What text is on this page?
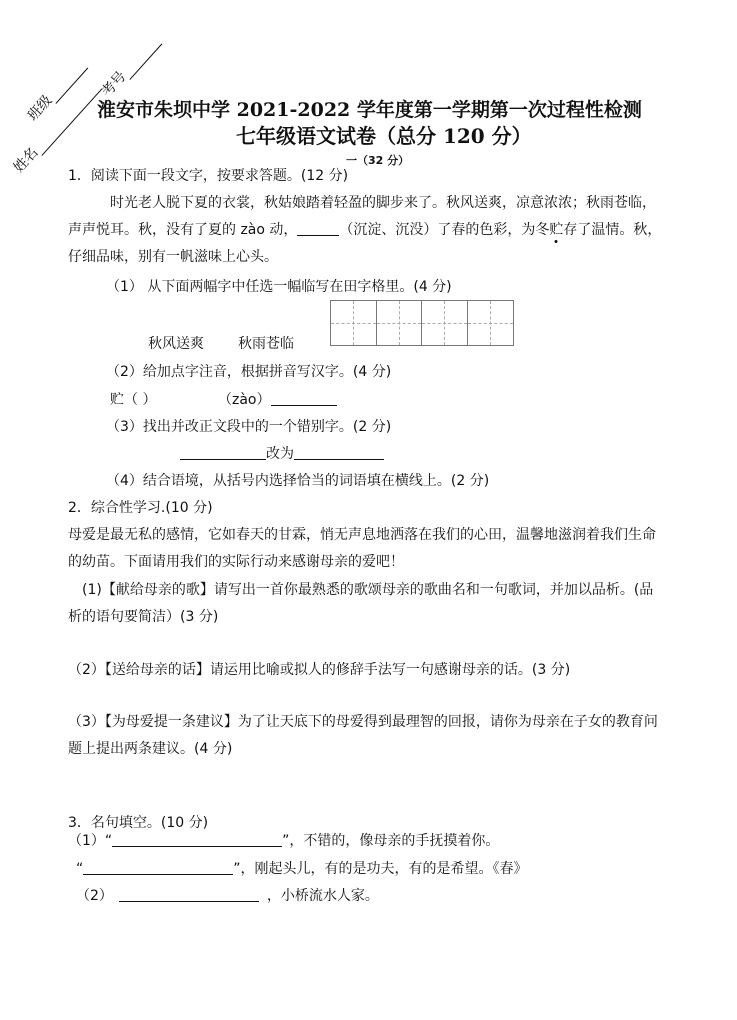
班级
考号
姓名
淮安市朱坝中学 2021-2022 学年度第一学期第一次过程性检测
七年级语文试卷（总分 120 分）
一（32 分）
1．阅读下面一段文字，按要求答题。(12 分)
时光老人脱下夏的衣裳，秋姑娘踏着轻盈的脚步来了。秋风送爽，凉意浓浓；秋雨苍临，
声声悦耳。秋，没有了夏的 zào 动，	（沉淀、沉没）了春的色彩，为冬贮存了温情。秋，
仔细品味，别有一帆滋味上心头。
（1） 从下面两幅字中任选一幅临写在田字格里。(4 分)
秋风送爽 秋雨苍临
（2）给加点字注音，根据拼音写汉字。(4 分)
贮（ ）	（zào）
（3）找出并改正文段中的一个错别字。(2 分)
改为
（4）结合语境，从括号内选择恰当的词语填在横线上。(2 分)
2．综合性学习.(10 分)
母爱是最无私的感情，它如春天的甘霖，悄无声息地洒落在我们的心田，温馨地滋润着我们生命
的幼苗。下面请用我们的实际行动来感谢母亲的爱吧！
(1)【献给母亲的歌】请写出一首你最熟悉的歌颂母亲的歌曲名和一句歌词，并加以品析。(品
析的语句要简洁）(3 分)
（2）【送给母亲的话】请运用比喻或拟人的修辞手法写一句感谢母亲的话。(3 分)
（3）【为母爱提一条建议】为了让天底下的母爱得到最理智的回报，请你为母亲在子女的教育问
题上提出两条建议。(4 分)
3．名句填空。(10 分)
（1）“	”，不错的，像母亲的手抚摸着你。
“	”，刚起头儿，有的是功夫，有的是希望。《春》
（2）	，小桥流水人家。
